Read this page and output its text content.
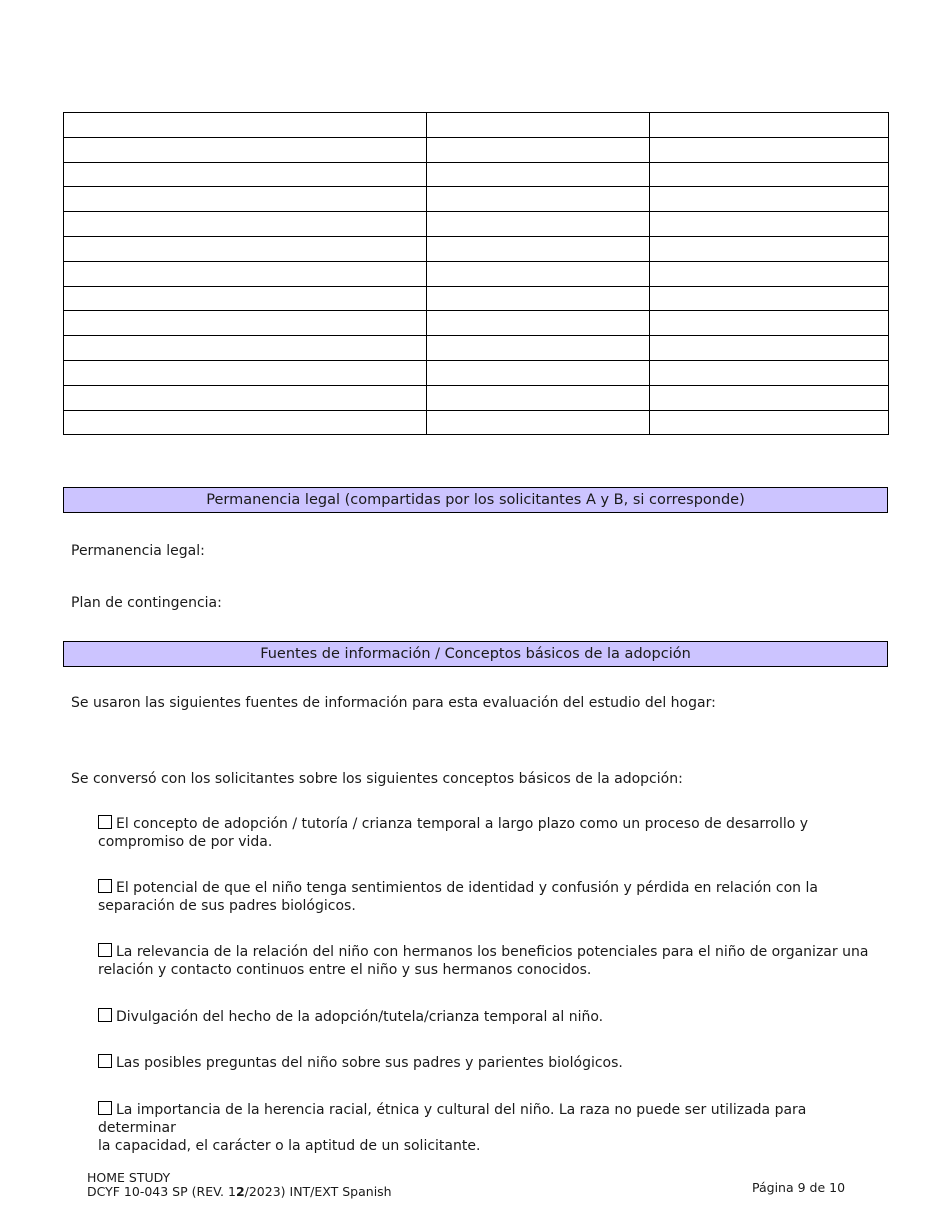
Permanencia legal (compartidas por los solicitantes A y B, si corresponde)
Permanencia legal:
Plan de contingencia:
Fuentes de información / Conceptos básicos de la adopción
Se usaron las siguientes fuentes de información para esta evaluación del estudio del hogar:
Se conversó con los solicitantes sobre los siguientes conceptos básicos de la adopción:
El concepto de adopción / tutoría / crianza temporal a largo plazo como un proceso de desarrollo y
compromiso de por vida.
El potencial de que el niño tenga sentimientos de identidad y confusión y pérdida en relación con la
separación de sus padres biológicos.
La relevancia de la relación del niño con hermanos los beneficios potenciales para el niño de organizar una
relación y contacto continuos entre el niño y sus hermanos conocidos.
Divulgación del hecho de la adopción/tutela/crianza temporal al niño.
Las posibles preguntas del niño sobre sus padres y parientes biológicos.
La importancia de la herencia racial, étnica y cultural del niño. La raza no puede ser utilizada para determinar
la capacidad, el carácter o la aptitud de un solicitante.
HOME STUDY
DCYF 10-043 SP (REV. 12/2023) INT/EXT Spanish	Página 9 de 10
